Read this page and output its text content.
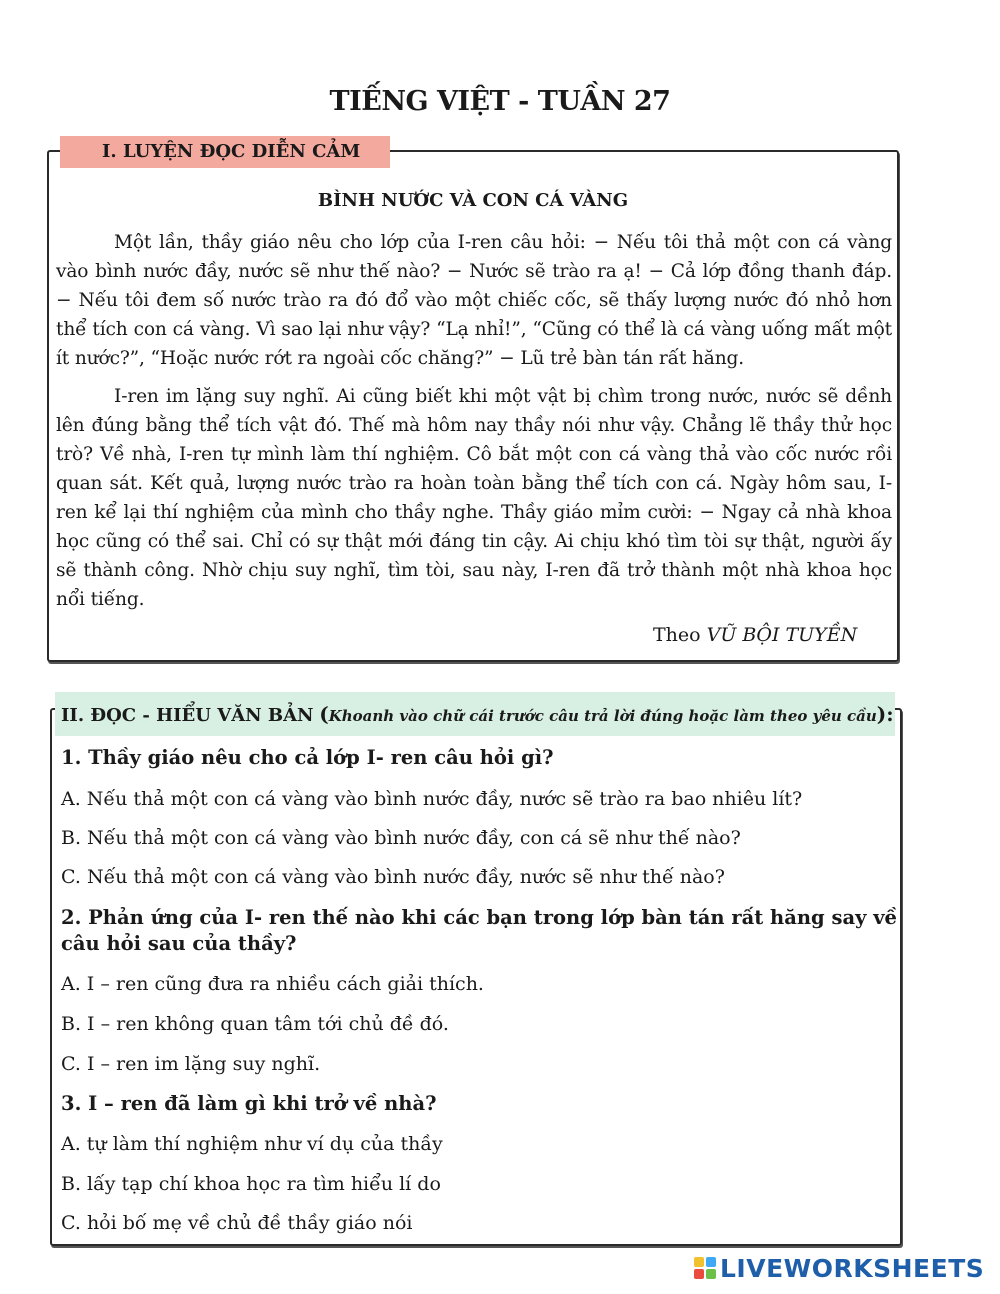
TIẾNG VIỆT - TUẦN 27
I. LUYỆN ĐỌC DIỄN CẢM
BÌNH NƯỚC VÀ CON CÁ VÀNG

Một lần, thầy giáo nêu cho lớp của I-ren câu hỏi: − Nếu tôi thả một con cá vàng vào bình nước đầy, nước sẽ như thế nào? − Nước sẽ trào ra ạ! − Cả lớp đồng thanh đáp. − Nếu tôi đem số nước trào ra đó đổ vào một chiếc cốc, sẽ thấy lượng nước đó nhỏ hơn thể tích con cá vàng. Vì sao lại như vậy? “Lạ nhỉ!”, “Cũng có thể là cá vàng uống mất một ít nước?”, “Hoặc nước rớt ra ngoài cốc chăng?” − Lũ trẻ bàn tán rất hăng.

I-ren im lặng suy nghĩ. Ai cũng biết khi một vật bị chìm trong nước, nước sẽ dềnh lên đúng bằng thể tích vật đó. Thế mà hôm nay thầy nói như vậy. Chẳng lẽ thầy thử học trò? Về nhà, I-ren tự mình làm thí nghiệm. Cô bắt một con cá vàng thả vào cốc nước rồi quan sát. Kết quả, lượng nước trào ra hoàn toàn bằng thể tích con cá. Ngày hôm sau, I-ren kể lại thí nghiệm của mình cho thầy nghe. Thầy giáo mỉm cười: − Ngay cả nhà khoa học cũng có thể sai. Chỉ có sự thật mới đáng tin cậy. Ai chịu khó tìm tòi sự thật, người ấy sẽ thành công. Nhờ chịu suy nghĩ, tìm tòi, sau này, I-ren đã trở thành một nhà khoa học nổi tiếng.

Theo VŨ BỘI TUYỀN
II. ĐỌC - HIỂU VĂN BẢN (Khoanh vào chữ cái trước câu trả lời đúng hoặc làm theo yêu cầu):
1. Thầy giáo nêu cho cả lớp I- ren câu hỏi gì?
A. Nếu thả một con cá vàng vào bình nước đầy, nước sẽ trào ra bao nhiêu lít?
B. Nếu thả một con cá vàng vào bình nước đầy, con cá sẽ như thế nào?
C. Nếu thả một con cá vàng vào bình nước đầy, nước sẽ như thế nào?
2. Phản ứng của I- ren thế nào khi các bạn trong lớp bàn tán rất hăng say về câu hỏi sau của thầy?
A. I – ren cũng đưa ra nhiều cách giải thích.
B. I – ren không quan tâm tới chủ đề đó.
C. I – ren im lặng suy nghĩ.
3. I – ren đã làm gì khi trở về nhà?
A. tự làm thí nghiệm như ví dụ của thầy
B. lấy tạp chí khoa học ra tìm hiểu lí do
C. hỏi bố mẹ về chủ đề thầy giáo nói
LIVEWORKSHEETS
